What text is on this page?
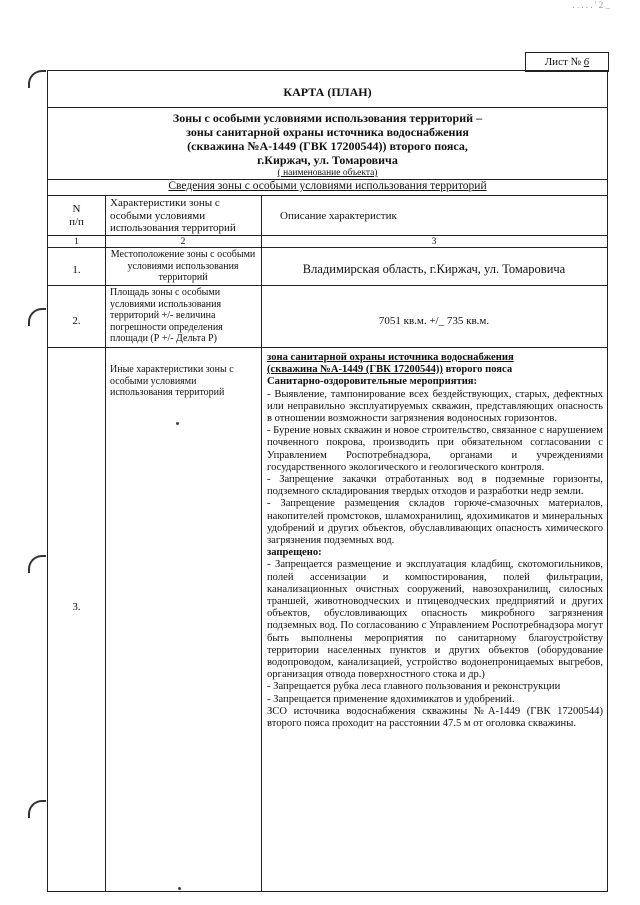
. . . . . ' 2 _
Лист № 6
КАРТА (ПЛАН)
Зоны с особыми условиями использования территорий –
зоны санитарной охраны источника водоснабжения
(скважина №А-1449 (ГВК 17200544)) второго пояса,
г.Киржач, ул. Томаровича
( наименование объекта)
Сведения зоны с особыми условиями использования территорий
N
п/п
Характеристики зоны с особыми условиями использования территорий
Описание характеристик
1	2	3
1.
Местоположение зоны с особыми условиями использования территорий
Владимирская область, г.Киржач, ул. Томаровича
2.
Площадь зоны с особыми условиями использования территорий +/- величина погрешности определения площади (Р +/- Дельта Р)
7051 кв.м. +/_ 735 кв.м.
3.
Иные характеристики зоны с особыми условиями использования территорий

зона санитарной охраны источника водоснабжения

(скважина №А-1449 (ГВК 17200544)) второго пояса

Санитарно-оздоровительные мероприятия:

- Выявление, тампонирование всех бездействующих, старых, дефектных или неправильно эксплуатируемых скважин, представляющих опасность в отношении возможности загрязнения водоносных горизонтов.

- Бурение новых скважин и новое строительство, связанное с нарушением почвенного покрова, производить при обязательном согласовании с Управлением Роспотребнадзора, органами и учреждениями государственного экологического и геологического контроля.

- Запрещение закачки отработанных вод в подземные горизонты, подземного складирования твердых отходов и разработки недр земли.

- Запрещение размещения складов горюче-смазочных материалов, накопителей промстоков, шламохранилищ, ядохимикатов и минеральных удобрений и других объектов, обуславливающих опасность химического загрязнения подземных вод.

запрещено:

- Запрещается размещение и эксплуатация кладбищ, скотомогильников, полей ассенизации и компостирования, полей фильтрации, канализационных очистных сооружений, навозохранилищ, силосных траншей, животноводческих и птицеводческих предприятий и других объектов, обусловливающих опасность микробного загрязнения подземных вод. По согласованию с Управлением Роспотребнадзора могут быть выполнены мероприятия по санитарному благоустройству территории населенных пунктов и других объектов (оборудование водопроводом, канализацией, устройство водонепроницаемых выгребов, организация отвода поверхностного стока и др.)

- Запрещается рубка леса главного пользования и реконструкции

- Запрещается применение ядохимикатов и удобрений.

ЗСО источника водоснабжения скважины №А-1449 (ГВК 17200544) второго пояса проходит на расстоянии 47.5 м от оголовка скважины.
